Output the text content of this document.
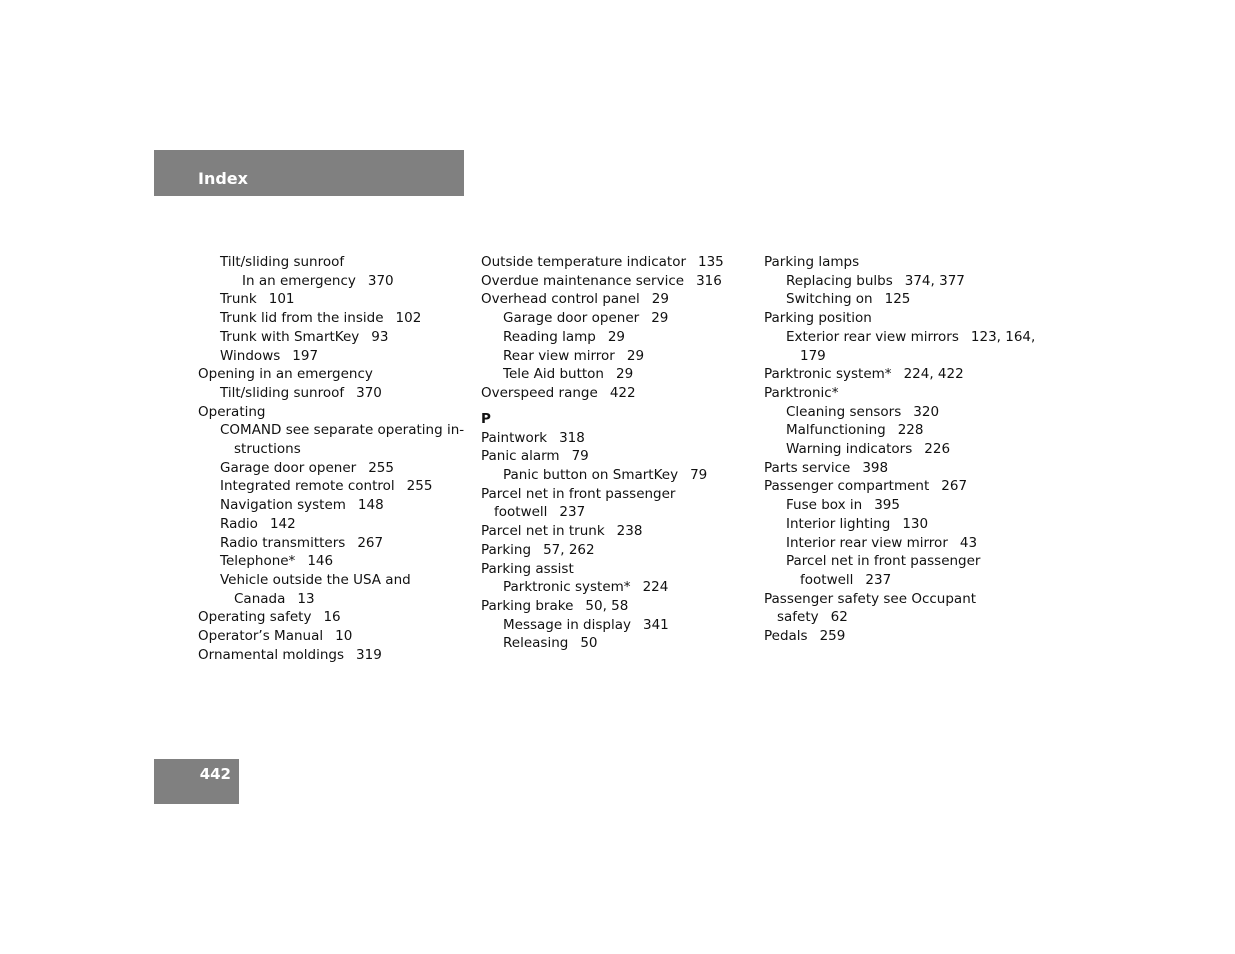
Index
Tilt/sliding sunroof
In an emergency 370
Trunk 101
Trunk lid from the inside 102
Trunk with SmartKey 93
Windows 197
Opening in an emergency
Tilt/sliding sunroof 370
Operating
COMAND see separate operating in-
structions
Garage door opener 255
Integrated remote control 255
Navigation system 148
Radio 142
Radio transmitters 267
Telephone* 146
Vehicle outside the USA and
Canada 13
Operating safety 16
Operator’s Manual 10
Ornamental moldings 319
Outside temperature indicator 135
Overdue maintenance service 316
Overhead control panel 29
Garage door opener 29
Reading lamp 29
Rear view mirror 29
Tele Aid button 29
Overspeed range 422
P
Paintwork 318
Panic alarm 79
Panic button on SmartKey 79
Parcel net in front passenger
footwell 237
Parcel net in trunk 238
Parking 57, 262
Parking assist
Parktronic system* 224
Parking brake 50, 58
Message in display 341
Releasing 50
Parking lamps
Replacing bulbs 374, 377
Switching on 125
Parking position
Exterior rear view mirrors 123, 164,
179
Parktronic system* 224, 422
Parktronic*
Cleaning sensors 320
Malfunctioning 228
Warning indicators 226
Parts service 398
Passenger compartment 267
Fuse box in 395
Interior lighting 130
Interior rear view mirror 43
Parcel net in front passenger
footwell 237
Passenger safety see Occupant
safety 62
Pedals 259
442
